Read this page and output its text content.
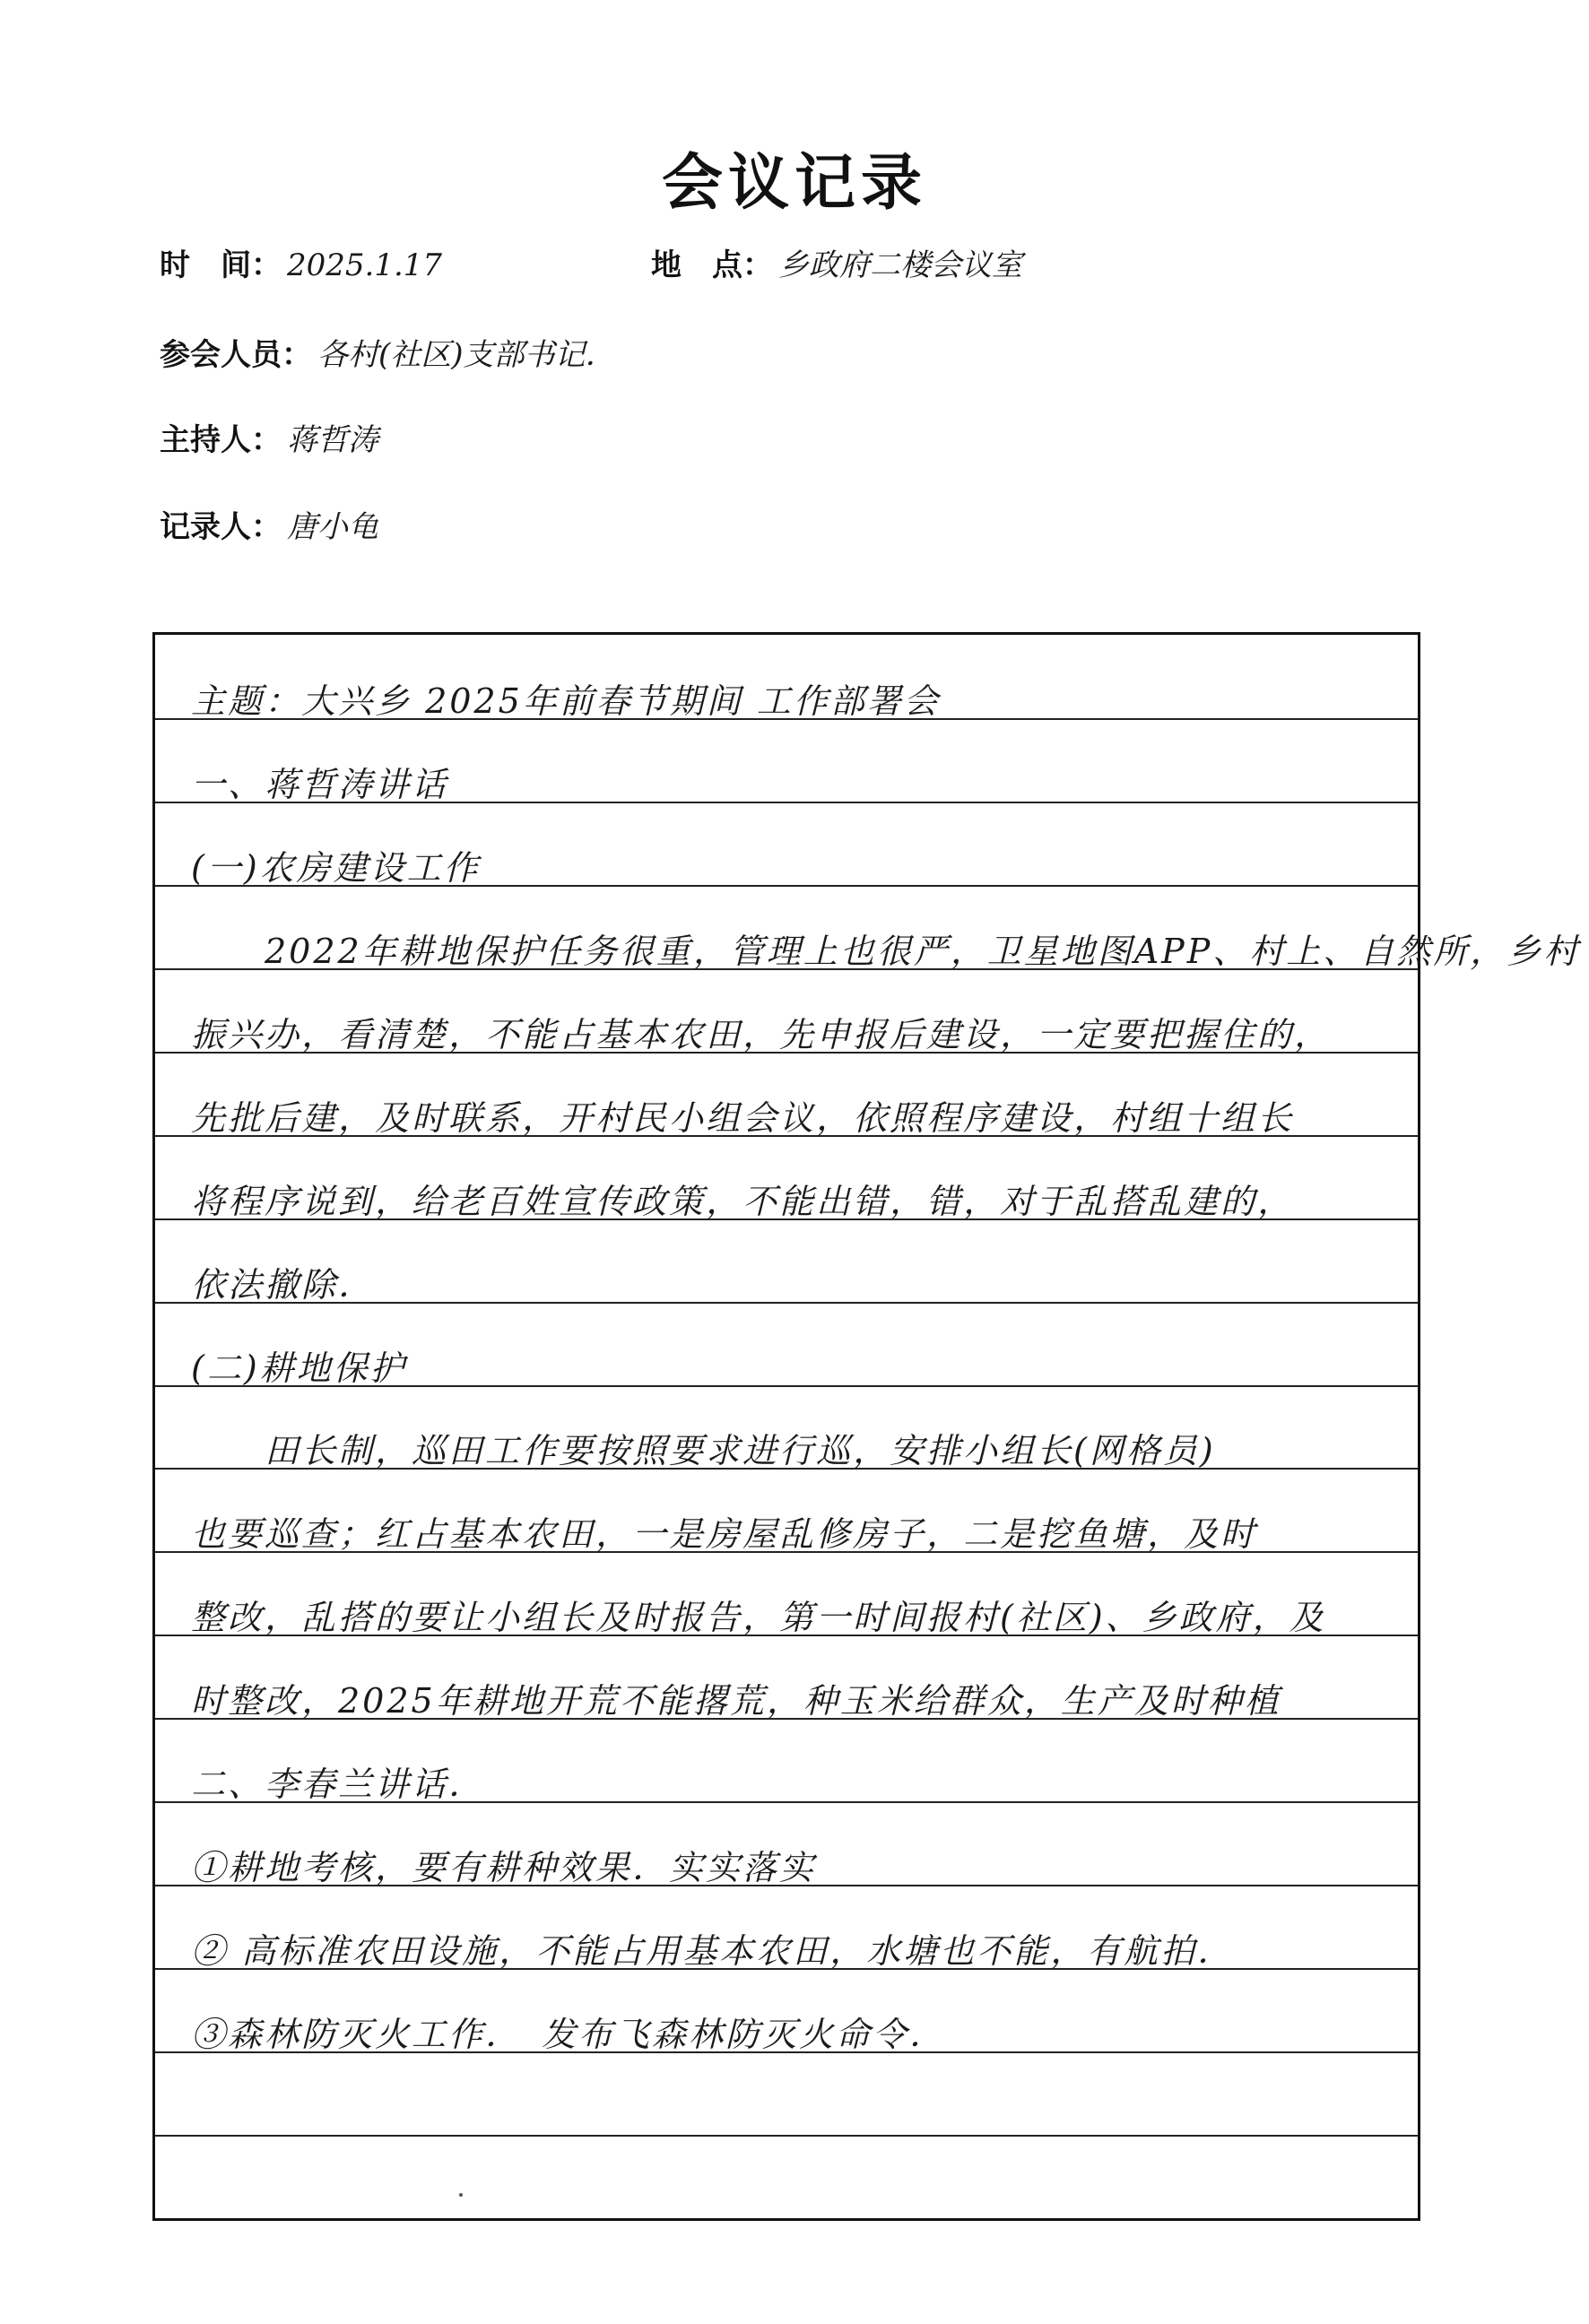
会议记录
时　间： 2025.1.17	地　点： 乡政府二楼会议室
参会人员： 各村(社区)支部书记．
主持人： 蒋哲涛
记录人： 唐小龟
主题：大兴乡 2025年前春节期间 工作部署会
一、蒋哲涛讲话
(一)农房建设工作
　　2022年耕地保护任务很重，管理上也很严，卫星地图APP、村上、自然所，乡村
振兴办，看清楚，不能占基本农田，先申报后建设，一定要把握住的，
先批后建，及时联系，开村民小组会议，依照程序建设，村组十组长
将程序说到，给老百姓宣传政策，不能出错，错，对于乱搭乱建的，
依法撤除．
(二)耕地保护
　　田长制，巡田工作要按照要求进行巡，安排小组长(网格员)
也要巡查；红占基本农田，一是房屋乱修房子，二是挖鱼塘，及时
整改，乱搭的要让小组长及时报告，第一时间报村(社区)、乡政府，及
时整改，2025年耕地开荒不能撂荒，种玉米给群众，生产及时种植
二、李春兰讲话．
①耕地考核，要有耕种效果．实实落实
② 高标准农田设施，不能占用基本农田，水塘也不能，有航拍．
③森林防灭火工作．　发布飞森林防灭火命令．
